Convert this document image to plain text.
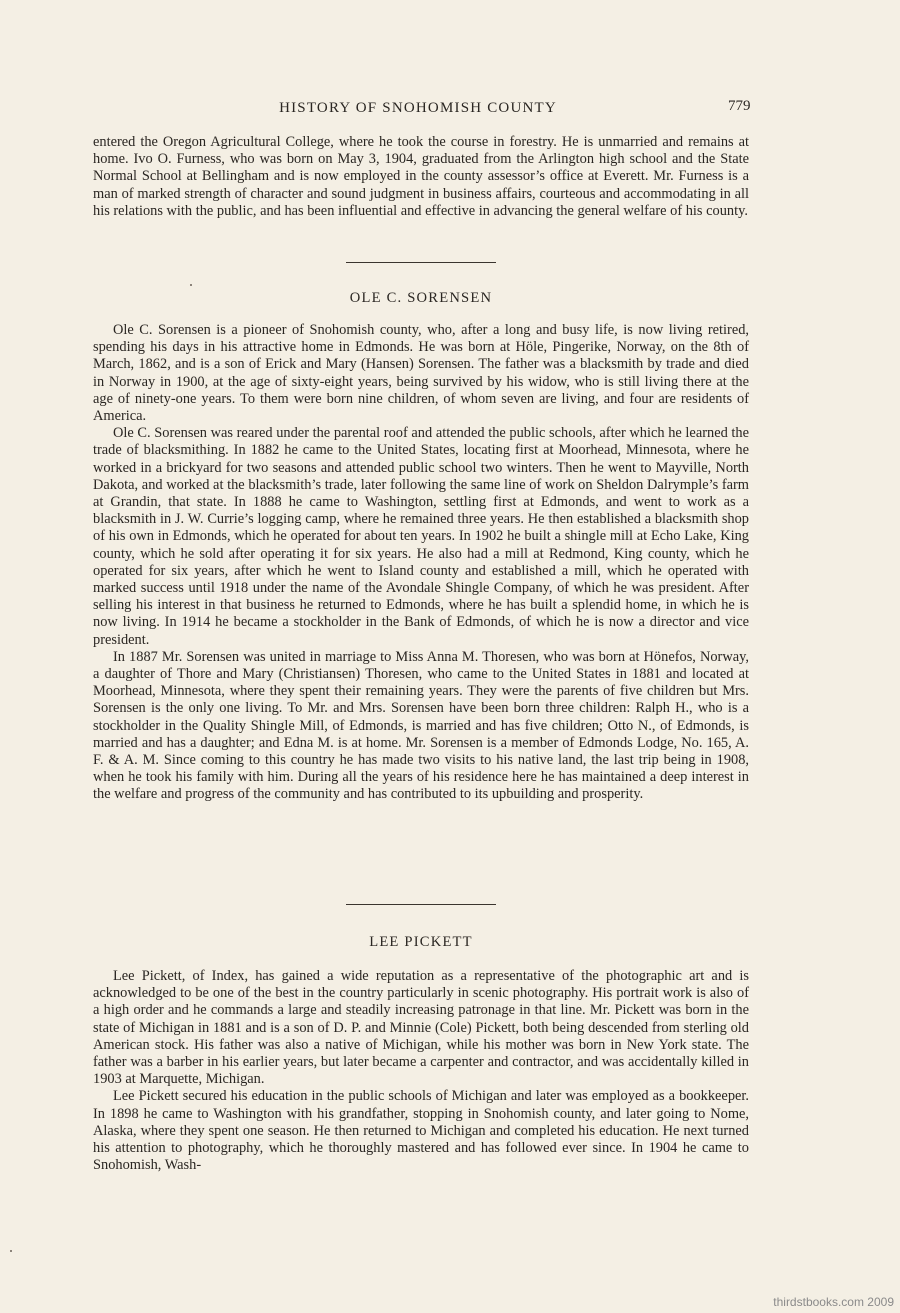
HISTORY OF SNOHOMISH COUNTY	779

entered the Oregon Agricultural College, where he took the course in forestry. He is unmarried and remains at home. Ivo O. Furness, who was born on May 3, 1904, graduated from the Arlington high school and the State Normal School at Bellingham and is now employed in the county assessor’s office at Everett. Mr. Furness is a man of marked strength of character and sound judgment in business affairs, courteous and accommodating in all his relations with the public, and has been influential and effective in advancing the general welfare of his county.

OLE C. SORENSEN

Ole C. Sorensen is a pioneer of Snohomish county, who, after a long and busy life, is now living retired, spending his days in his attractive home in Edmonds. He was born at Höle, Pingerike, Norway, on the 8th of March, 1862, and is a son of Erick and Mary (Hansen) Sorensen. The father was a blacksmith by trade and died in Norway in 1900, at the age of sixty-eight years, being survived by his widow, who is still living there at the age of ninety-one years. To them were born nine children, of whom seven are living, and four are residents of America.

Ole C. Sorensen was reared under the parental roof and attended the public schools, after which he learned the trade of blacksmithing. In 1882 he came to the United States, locating first at Moorhead, Minnesota, where he worked in a brickyard for two seasons and attended public school two winters. Then he went to Mayville, North Dakota, and worked at the blacksmith’s trade, later following the same line of work on Sheldon Dalrymple’s farm at Grandin, that state. In 1888 he came to Washington, settling first at Edmonds, and went to work as a blacksmith in J. W. Currie’s logging camp, where he remained three years. He then established a blacksmith shop of his own in Edmonds, which he operated for about ten years. In 1902 he built a shingle mill at Echo Lake, King county, which he sold after operating it for six years. He also had a mill at Redmond, King county, which he operated for six years, after which he went to Island county and established a mill, which he operated with marked success until 1918 under the name of the Avondale Shingle Company, of which he was president. After selling his interest in that business he returned to Edmonds, where he has built a splendid home, in which he is now living. In 1914 he became a stockholder in the Bank of Edmonds, of which he is now a director and vice president.

In 1887 Mr. Sorensen was united in marriage to Miss Anna M. Thoresen, who was born at Hönefos, Norway, a daughter of Thore and Mary (Christiansen) Thoresen, who came to the United States in 1881 and located at Moorhead, Minnesota, where they spent their remaining years. They were the parents of five children but Mrs. Sorensen is the only one living. To Mr. and Mrs. Sorensen have been born three children: Ralph H., who is a stockholder in the Quality Shingle Mill, of Edmonds, is married and has five children; Otto N., of Edmonds, is married and has a daughter; and Edna M. is at home. Mr. Sorensen is a member of Edmonds Lodge, No. 165, A. F. & A. M. Since coming to this country he has made two visits to his native land, the last trip being in 1908, when he took his family with him. During all the years of his residence here he has maintained a deep interest in the welfare and progress of the community and has contributed to its upbuilding and prosperity.

LEE PICKETT

Lee Pickett, of Index, has gained a wide reputation as a representative of the photographic art and is acknowledged to be one of the best in the country particularly in scenic photography. His portrait work is also of a high order and he commands a large and steadily increasing patronage in that line. Mr. Pickett was born in the state of Michigan in 1881 and is a son of D. P. and Minnie (Cole) Pickett, both being descended from sterling old American stock. His father was also a native of Michigan, while his mother was born in New York state. The father was a barber in his earlier years, but later became a carpenter and contractor, and was accidentally killed in 1903 at Marquette, Michigan.

Lee Pickett secured his education in the public schools of Michigan and later was employed as a bookkeeper. In 1898 he came to Washington with his grandfather, stopping in Snohomish county, and later going to Nome, Alaska, where they spent one season. He then returned to Michigan and completed his education. He next turned his attention to photography, which he thoroughly mastered and has followed ever since. In 1904 he came to Snohomish, Wash-

thirdstbooks.com 2009
